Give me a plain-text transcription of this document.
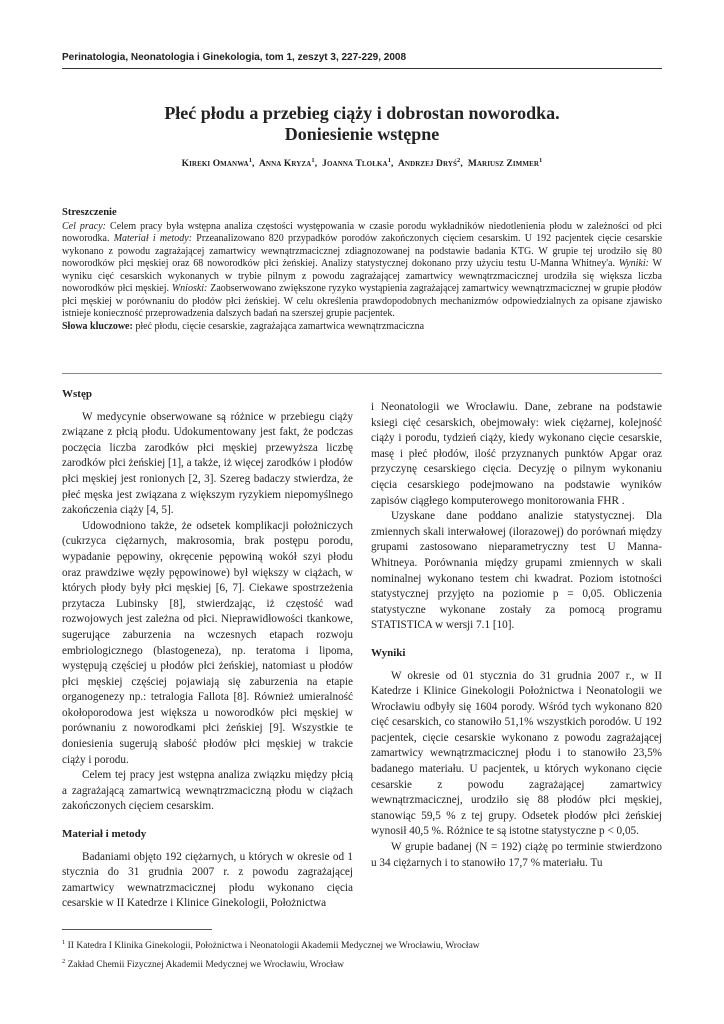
Perinatologia, Neonatologia i Ginekologia, tom 1, zeszyt 3, 227-229, 2008
Płeć płodu a przebieg ciąży i dobrostan noworodka.
Doniesienie wstępne
Kireki Omanwa$^1$,  Anna Kryza$^1$,  Joanna Tlołka$^1$,  Andrzej Dryś$^2$,  Mariusz Zimmer$^1$
Streszczenie

Cel pracy: Celem pracy była wstępna analiza częstości występowania w czasie porodu wykładników niedotlenienia płodu w zależności od płci noworodka. Materiał i metody: Przeanalizowano 820 przypadków porodów zakończonych cięciem cesarskim. U 192 pacjentek cięcie cesarskie wykonano z powodu zagrażającej zamartwicy wewnątrzmacicznej zdiagnozowanej na podstawie badania KTG. W grupie tej urodziło się 80 noworodków płci męskiej oraz 68 noworodków płci żeńskiej. Analizy statystycznej dokonano przy użyciu testu U-Manna Whitney'a. Wyniki: W wyniku cięć cesarskich wykonanych w trybie pilnym z powodu zagrażającej zamartwicy wewnątrzmacicznej urodziła się większa liczba noworodków płci męskiej. Wnioski: Zaobserwowano zwiększone ryzyko wystąpienia zagrażającej zamartwicy wewnątrzmacicznej w grupie płodów płci męskiej w porównaniu do płodów płci żeńskiej. W celu określenia prawdopodobnych mechanizmów odpowiedzialnych za opisane zjawisko istnieje konieczność przeprowadzenia dalszych badań na szerszej grupie pacjentek.

Słowa kluczowe: płeć płodu, cięcie cesarskie, zagrażająca zamartwica wewnątrzmaciczna

Wstęp

W medycynie obserwowane są różnice w przebiegu ciąży związane z płcią płodu. Udokumentowany jest fakt, że podczas poczęcia liczba zarodków płci męskiej przewyższa liczbę zarodków płci żeńskiej [1], a także, iż więcej zarodków i płodów płci męskiej jest ronionych [2, 3]. Szereg badaczy stwierdza, że płeć męska jest związana z większym ryzykiem niepomyślnego zakończenia ciąży [4, 5].

Udowodniono także, że odsetek komplikacji położniczych (cukrzyca ciężarnych, makrosomia, brak postępu porodu, wypadanie pępowiny, okręcenie pępowiną wokół szyi płodu oraz prawdziwe węzły pępowinowe) był większy w ciążach, w których płody były płci męskiej [6, 7]. Ciekawe spostrzeżenia przytacza Lubinsky [8], stwierdzając, iż częstość wad rozwojowych jest zależna od płci. Nieprawidłowości tkankowe, sugerujące zaburzenia na wczesnych etapach rozwoju embriologicznego (blastogeneza), np. teratoma i lipoma, występują częściej u płodów płci żeńskiej, natomiast u płodów płci męskiej częściej pojawiają się zaburzenia na etapie organogenezy np.: tetralogia Fallota [8]. Również umieralność okołoporodowa jest większa u noworodków płci męskiej w porównaniu z noworodkami płci żeńskiej [9]. Wszystkie te doniesienia sugerują słabość płodów płci męskiej w trakcie ciąży i porodu.

Celem tej pracy jest wstępna analiza związku między płcią a zagrażającą zamartwicą wewnątrzmaciczną płodu w ciążach zakończonych cięciem cesarskim.

Materiał i metody

Badaniami objęto 192 ciężarnych, u których w okresie od 1 stycznia do 31 grudnia 2007 r. z powodu zagrażającej zamartwicy wewnatrzmacicznej płodu wykonano cięcia cesarskie w II Katedrze i Klinice Ginekologii, Położnictwa

i Neonatologii we Wrocławiu. Dane, zebrane na podstawie ksiegi cięć cesarskich, obejmowały: wiek ciężarnej, kolejność ciąży i porodu, tydzień ciąży, kiedy wykonano cięcie cesarskie, masę i płeć płodów, ilość przyznanych punktów Apgar oraz przyczynę cesarskiego cięcia. Decyzję o pilnym wykonaniu cięcia cesarskiego podejmowano na podstawie wyników zapisów ciągłego komputerowego monitorowania FHR .

Uzyskane dane poddano analizie statystycznej. Dla zmiennych skali interwałowej (ilorazowej) do porównań między grupami zastosowano nieparametryczny test U Manna-Whitneya. Porównania między grupami zmiennych w skali nominalnej wykonano testem chi kwadrat. Poziom istotności statystycznej przyjęto na poziomie p = 0,05. Obliczenia statystyczne wykonane zostały za pomocą programu STATISTICA w wersji 7.1 [10].

Wyniki

W okresie od 01 stycznia do 31 grudnia 2007 r., w II Katedrze i Klinice Ginekologii Położnictwa i Neonatologii we Wrocławiu odbyły się 1604 porody. Wśród tych wykonano 820 cięć cesarskich, co stanowiło 51,1% wszystkich porodów. U 192 pacjentek, cięcie cesarskie wykonano z powodu zagrażającej zamartwicy wewnątrzmacicznej płodu i to stanowiło 23,5% badanego materiału. U pacjentek, u których wykonano cięcie cesarskie z powodu zagrażającej zamartwicy wewnątrzmacicznej, urodziło się 88 płodów płci męskiej, stanowiąc 59,5 % z tej grupy. Odsetek płodów płci żeńskiej wynosił 40,5 %. Różnice te są istotne statystyczne p < 0,05.

W grupie badanej (N = 192) ciążę po terminie stwierdzono u 34 ciężarnych i to stanowiło 17,7 % materiału. Tu

$^1$ II Katedra I Klinika Ginekologii, Położnictwa i Neonatologii Akademii Medycznej we Wrocławiu, Wrocław
$^2$ Zakład Chemii Fizycznej Akademii Medycznej we Wrocławiu, Wrocław
